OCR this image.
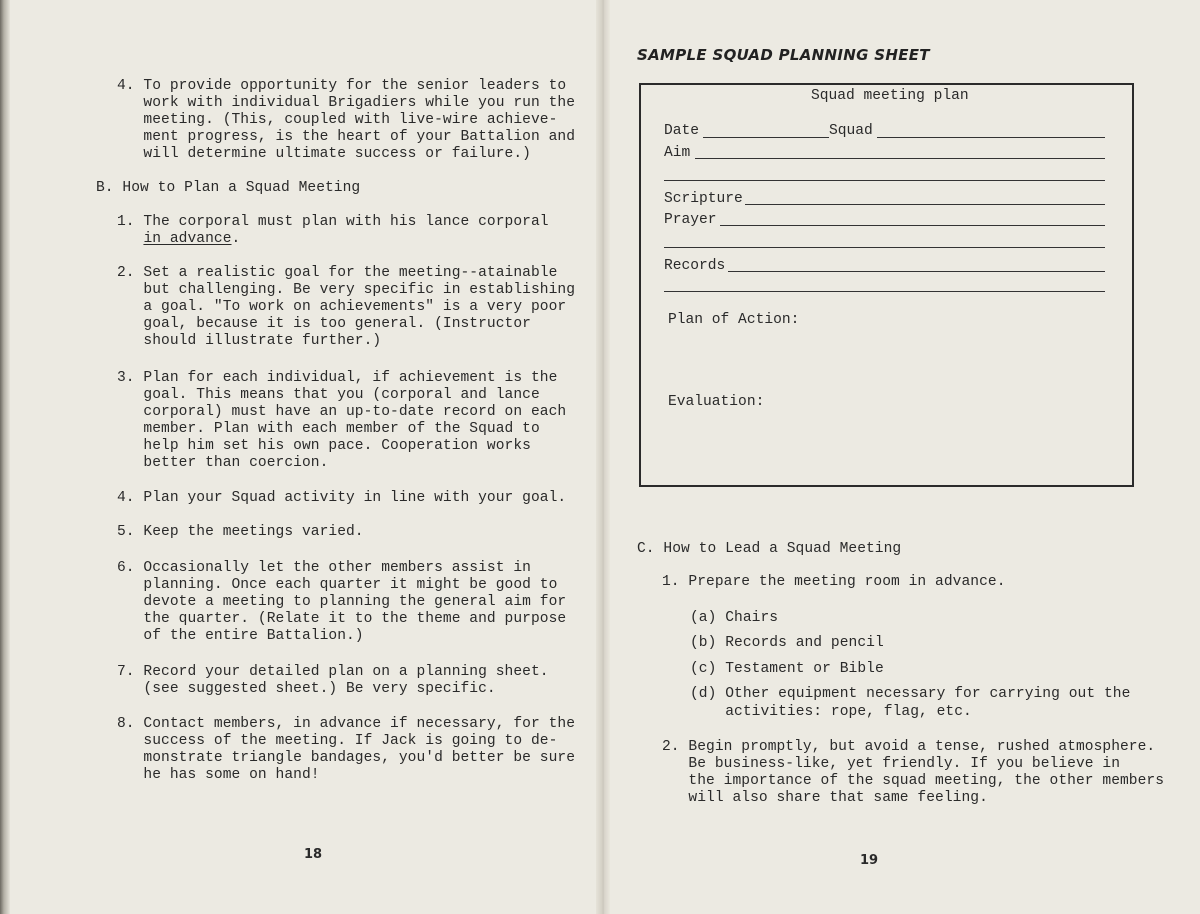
4. To provide opportunity for the senior leaders to
work with individual Brigadiers while you run the
meeting. (This, coupled with live-wire achieve-
ment progress, is the heart of your Battalion and
will determine ultimate success or failure.)
B. How to Plan a Squad Meeting
1. The corporal must plan with his lance corporal
in advance.
2. Set a realistic goal for the meeting--atainable
but challenging. Be very specific in establishing
a goal. "To work on achievements" is a very poor
goal, because it is too general. (Instructor
should illustrate further.)
3. Plan for each individual, if achievement is the
goal. This means that you (corporal and lance
corporal) must have an up-to-date record on each
member. Plan with each member of the Squad to
help him set his own pace. Cooperation works
better than coercion.
4. Plan your Squad activity in line with your goal.
5. Keep the meetings varied.
6. Occasionally let the other members assist in
planning. Once each quarter it might be good to
devote a meeting to planning the general aim for
the quarter. (Relate it to the theme and purpose
of the entire Battalion.)
7. Record your detailed plan on a planning sheet.
(see suggested sheet.) Be very specific.
8. Contact members, in advance if necessary, for the
success of the meeting. If Jack is going to de-
monstrate triangle bandages, you'd better be sure
he has some on hand!
18
SAMPLE SQUAD PLANNING SHEET
Squad meeting plan
Date	Squad
Aim
Scripture
Prayer
Records
Plan of Action:
Evaluation:
C. How to Lead a Squad Meeting
1. Prepare the meeting room in advance.
(a) Chairs
(b) Records and pencil
(c) Testament or Bible
(d) Other equipment necessary for carrying out the
activities: rope, flag, etc.
2. Begin promptly, but avoid a tense, rushed atmosphere.
Be business-like, yet friendly. If you believe in
the importance of the squad meeting, the other members
will also share that same feeling.
19
